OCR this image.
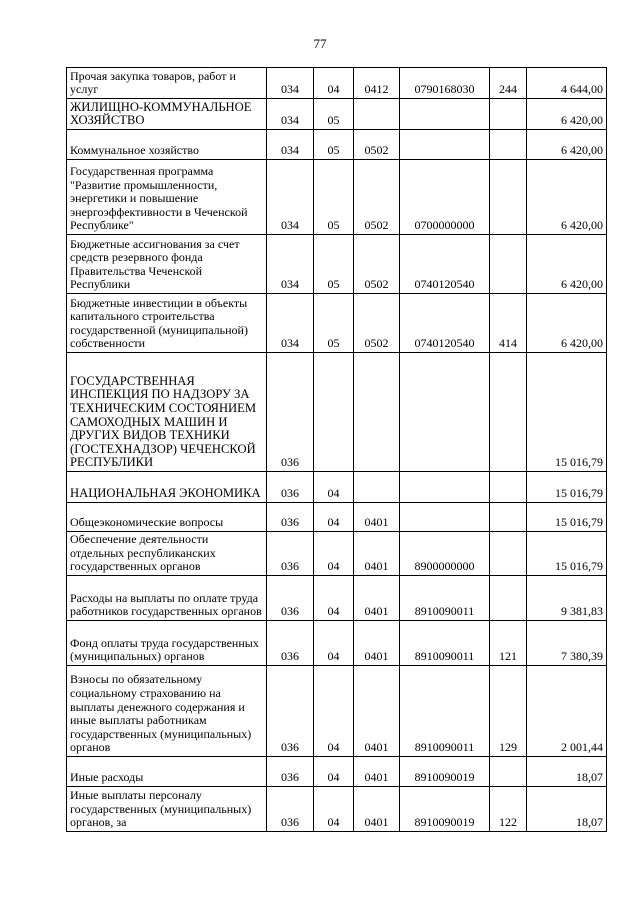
77
Прочая закупка товаров, работ и услуг	034	04	0412	0790168030	244	4 644,00
ЖИЛИЩНО-КОММУНАЛЬНОЕ ХОЗЯЙСТВО	034	05				6 420,00
Коммунальное хозяйство	034	05	0502			6 420,00
Государственная программа "Развитие промышленности, энергетики и повышение энергоэффективности в Чеченской Республике"	034	05	0502	0700000000		6 420,00
Бюджетные ассигнования за счет средств резервного фонда Правительства Чеченской Республики	034	05	0502	0740120540		6 420,00
Бюджетные инвестиции в объекты капитального строительства государственной (муниципальной) собственности	034	05	0502	0740120540	414	6 420,00
ГОСУДАРСТВЕННАЯ ИНСПЕКЦИЯ ПО НАДЗОРУ ЗА ТЕХНИЧЕСКИМ СОСТОЯНИЕМ САМОХОДНЫХ МАШИН И ДРУГИХ ВИДОВ ТЕХНИКИ (ГОСТЕХНАДЗОР) ЧЕЧЕНСКОЙ РЕСПУБЛИКИ	036					15 016,79
НАЦИОНАЛЬНАЯ ЭКОНОМИКА	036	04				15 016,79
Общеэкономические вопросы	036	04	0401			15 016,79
Обеспечение деятельности отдельных республиканских государственных органов	036	04	0401	8900000000		15 016,79
Расходы на выплаты по оплате труда работников государственных органов	036	04	0401	8910090011		9 381,83
Фонд оплаты труда государственных (муниципальных) органов	036	04	0401	8910090011	121	7 380,39
Взносы по обязательному социальному страхованию на выплаты денежного содержания и иные выплаты работникам государственных (муниципальных) органов	036	04	0401	8910090011	129	2 001,44
Иные расходы	036	04	0401	8910090019		18,07
Иные выплаты персоналу государственных (муниципальных) органов, за	036	04	0401	8910090019	122	18,07
